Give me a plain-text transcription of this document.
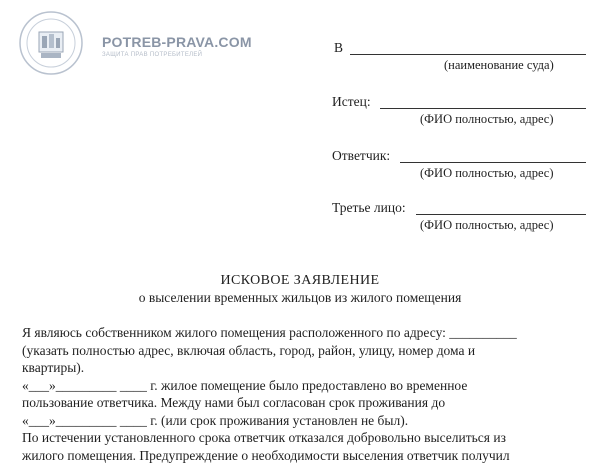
POTREB-PRAVA.COM
ЗАЩИТА ПРАВ ПОТРЕБИТЕЛЕЙ	В
(наименование суда)
Истец:
(ФИО полностью, адрес)
Ответчик:
(ФИО полностью, адрес)
Третье лицо:
(ФИО полностью, адрес)
ИСКОВОЕ ЗАЯВЛЕНИЕ
о выселении временных жильцов из жилого помещения
Я являюсь собственником жилого помещения расположенного по адресу: __________
(указать полностью адрес, включая область, город, район, улицу, номер дома и
квартиры).
«___»_________ ____ г. жилое помещение было предоставлено во временное
пользование ответчика. Между нами был согласован срок проживания до
«___»_________ ____ г. (или срок проживания установлен не был).
По истечении установленного срока ответчик отказался добровольно выселиться из
жилого помещения. Предупреждение о необходимости выселения ответчик получил
